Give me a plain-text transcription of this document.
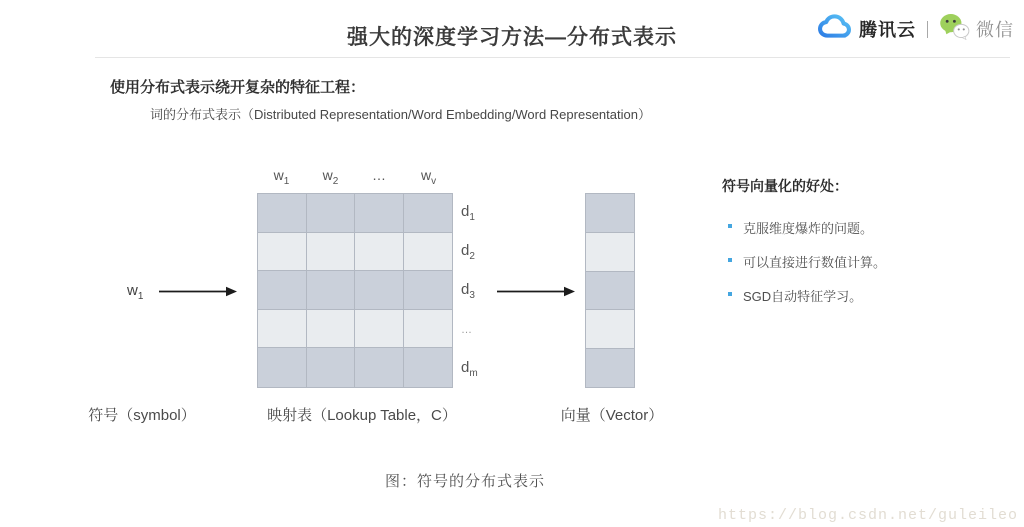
强大的深度学习方法—分布式表示	腾讯云	微信
使用分布式表示绕开复杂的特征工程：
词的分布式表示（Distributed Representation/Word Embedding/Word Representation）
$w_1$	$w_2$	…	$w_v$
$d_1$
$d_2$
$d_3$
…
$d_m$
$w_1$
符号（symbol）	映射表（Lookup Table，C）	向量（Vector）
符号向量化的好处：
克服维度爆炸的问题。
可以直接进行数值计算。
SGD自动特征学习。
图：符号的分布式表示
https://blog.csdn.net/guleileo
